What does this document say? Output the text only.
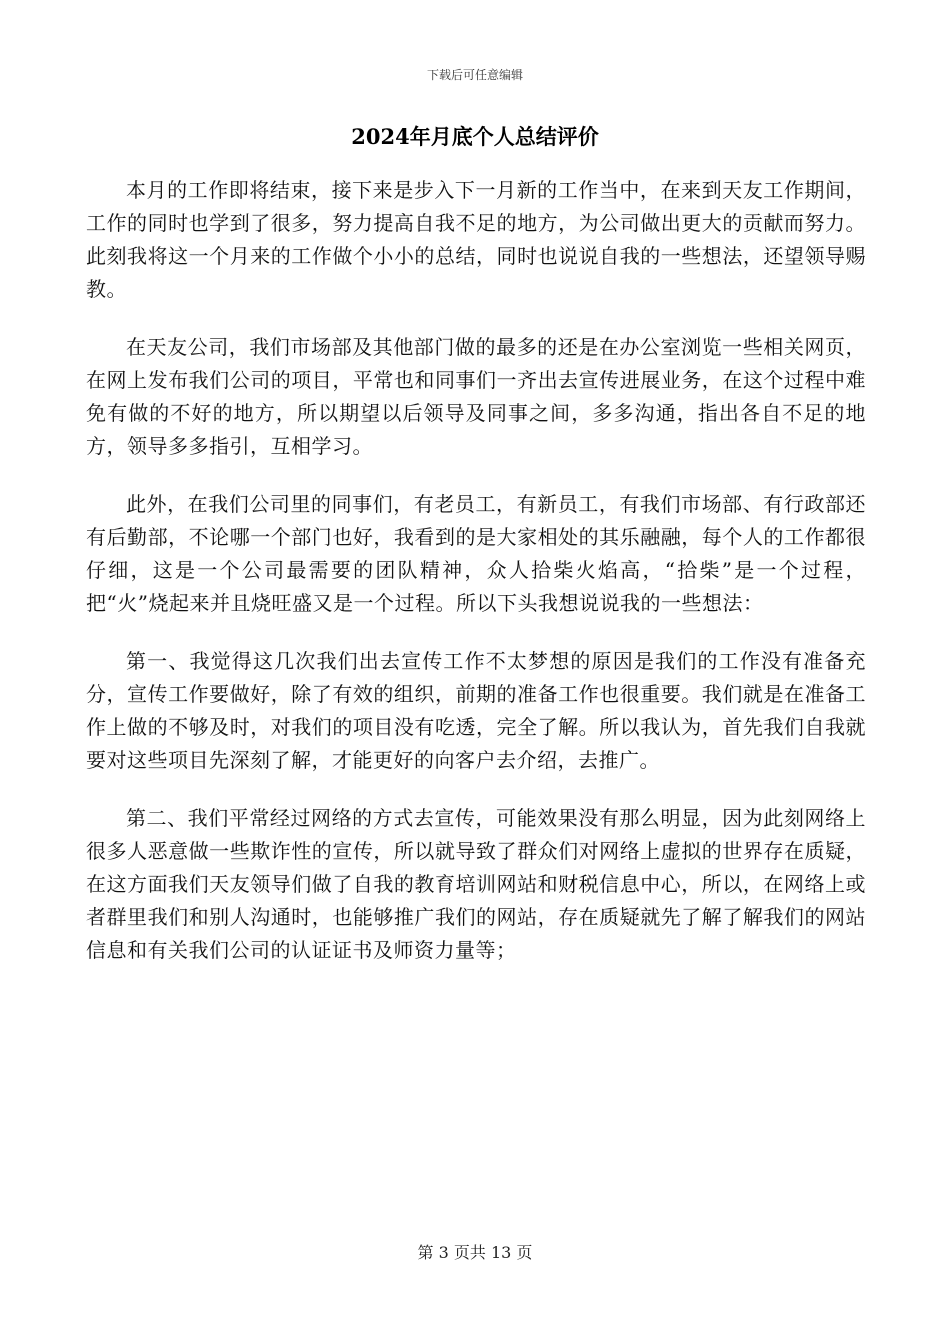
下载后可任意编辑
2024年月底个人总结评价

本月的工作即将结束，接下来是步入下一月新的工作当中，在来到天友工作期间，工作的同时也学到了很多，努力提高自我不足的地方，为公司做出更大的贡献而努力。此刻我将这一个月来的工作做个小小的总结，同时也说说自我的一些想法，还望领导赐教。

在天友公司，我们市场部及其他部门做的最多的还是在办公室浏览一些相关网页，在网上发布我们公司的项目，平常也和同事们一齐出去宣传进展业务，在这个过程中难免有做的不好的地方，所以期望以后领导及同事之间，多多沟通，指出各自不足的地方，领导多多指引，互相学习。

此外，在我们公司里的同事们，有老员工，有新员工，有我们市场部、有行政部还有后勤部，不论哪一个部门也好，我看到的是大家相处的其乐融融，每个人的工作都很仔细，这是一个公司最需要的团队精神，众人拾柴火焰高，“拾柴”是一个过程，把“火”烧起来并且烧旺盛又是一个过程。所以下头我想说说我的一些想法：

第一、我觉得这几次我们出去宣传工作不太梦想的原因是我们的工作没有准备充分，宣传工作要做好，除了有效的组织，前期的准备工作也很重要。我们就是在准备工作上做的不够及时，对我们的项目没有吃透，完全了解。所以我认为，首先我们自我就要对这些项目先深刻了解，才能更好的向客户去介绍，去推广。

第二、我们平常经过网络的方式去宣传，可能效果没有那么明显，因为此刻网络上很多人恶意做一些欺诈性的宣传，所以就导致了群众们对网络上虚拟的世界存在质疑，在这方面我们天友领导们做了自我的教育培训网站和财税信息中心，所以，在网络上或者群里我们和别人沟通时，也能够推广我们的网站，存在质疑就先了解了解我们的网站信息和有关我们公司的认证证书及师资力量等；

第 3 页共 13 页
